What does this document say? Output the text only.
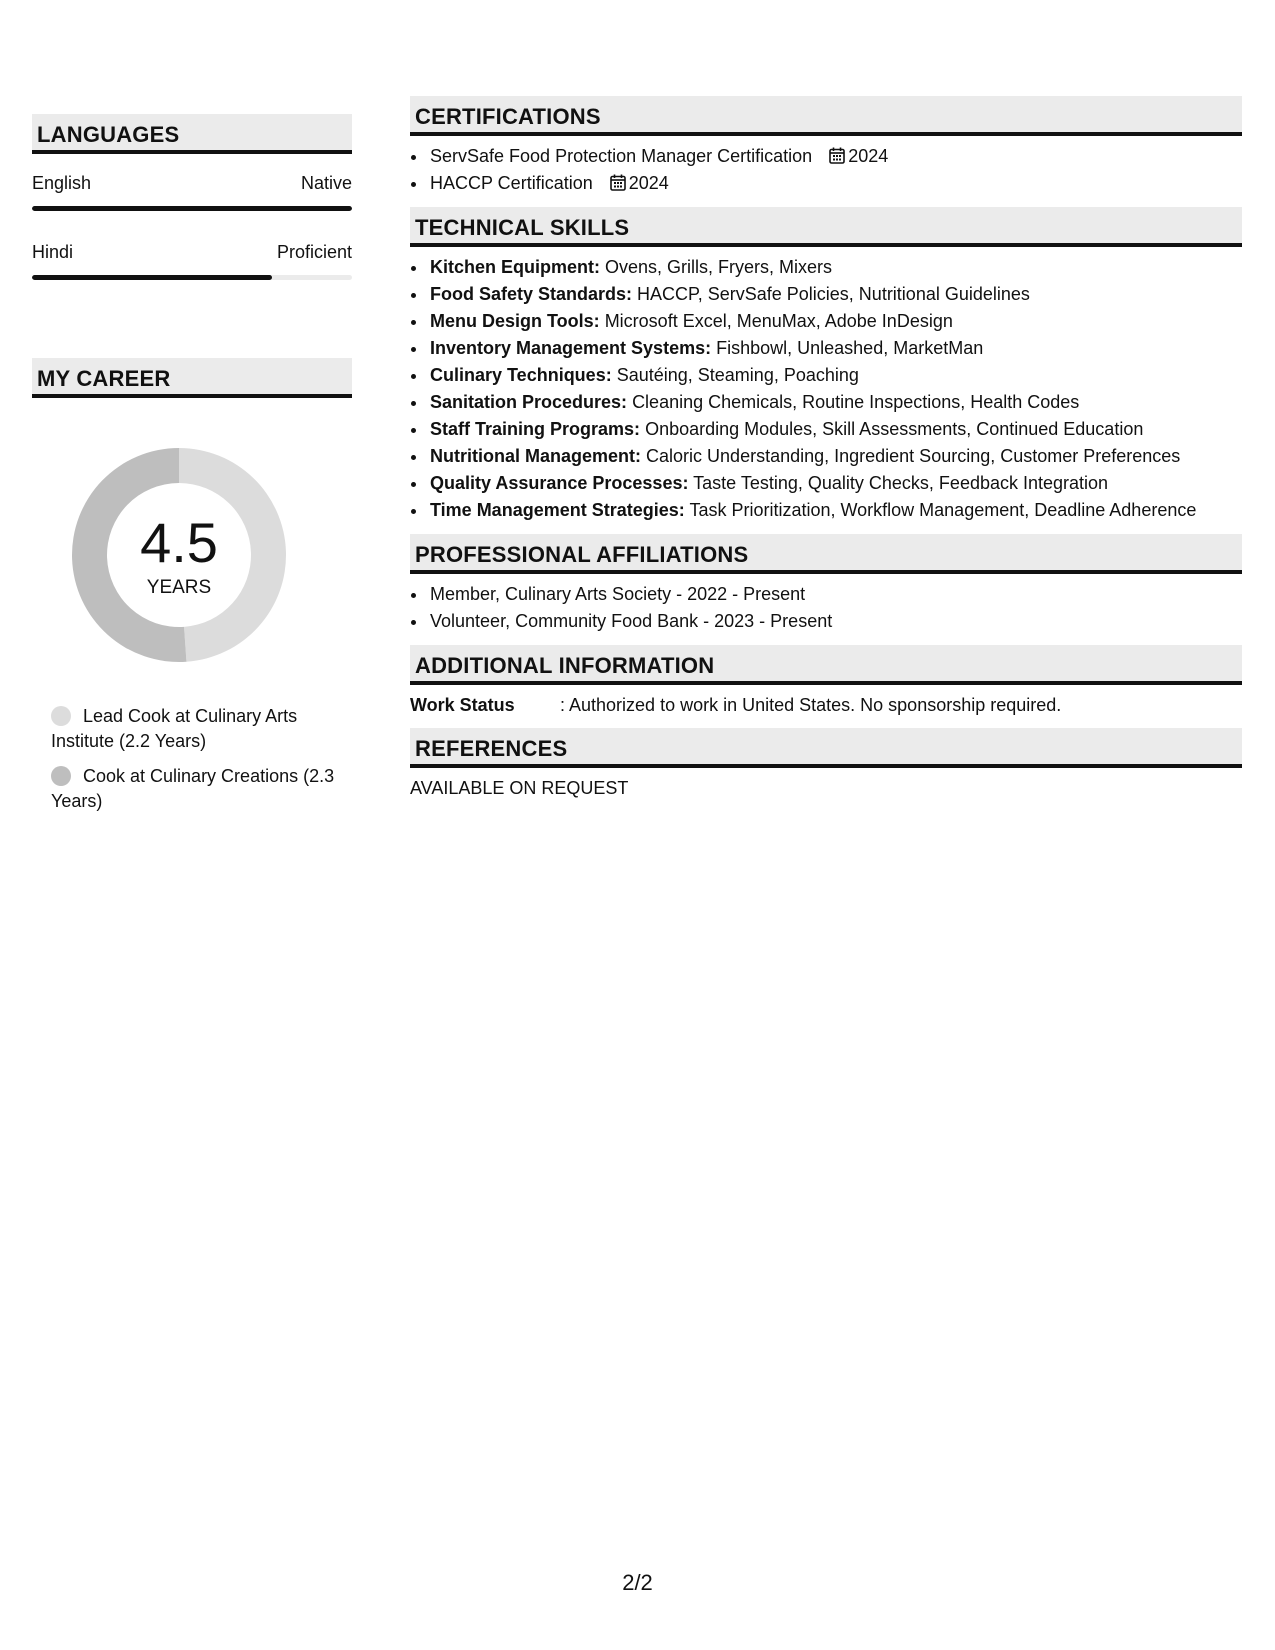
LANGUAGES
English	Native
Hindi	Proficient
MY CAREER
4.5
YEARS
Lead Cook at Culinary Arts Institute (2.2 Years)
Cook at Culinary Creations (2.3 Years)
CERTIFICATIONS
• ServSafe Food Protection Manager Certification 2024
• HACCP Certification 2024
TECHNICAL SKILLS
• Kitchen Equipment: Ovens, Grills, Fryers, Mixers
• Food Safety Standards: HACCP, ServSafe Policies, Nutritional Guidelines
• Menu Design Tools: Microsoft Excel, MenuMax, Adobe InDesign
• Inventory Management Systems: Fishbowl, Unleashed, MarketMan
• Culinary Techniques: Sautéing, Steaming, Poaching
• Sanitation Procedures: Cleaning Chemicals, Routine Inspections, Health Codes
• Staff Training Programs: Onboarding Modules, Skill Assessments, Continued Education
• Nutritional Management: Caloric Understanding, Ingredient Sourcing, Customer Preferences
• Quality Assurance Processes: Taste Testing, Quality Checks, Feedback Integration
• Time Management Strategies: Task Prioritization, Workflow Management, Deadline Adherence
PROFESSIONAL AFFILIATIONS
• Member, Culinary Arts Society - 2022 - Present
• Volunteer, Community Food Bank - 2023 - Present
ADDITIONAL INFORMATION
Work Status	: Authorized to work in United States. No sponsorship required.
REFERENCES
AVAILABLE ON REQUEST
2/2
